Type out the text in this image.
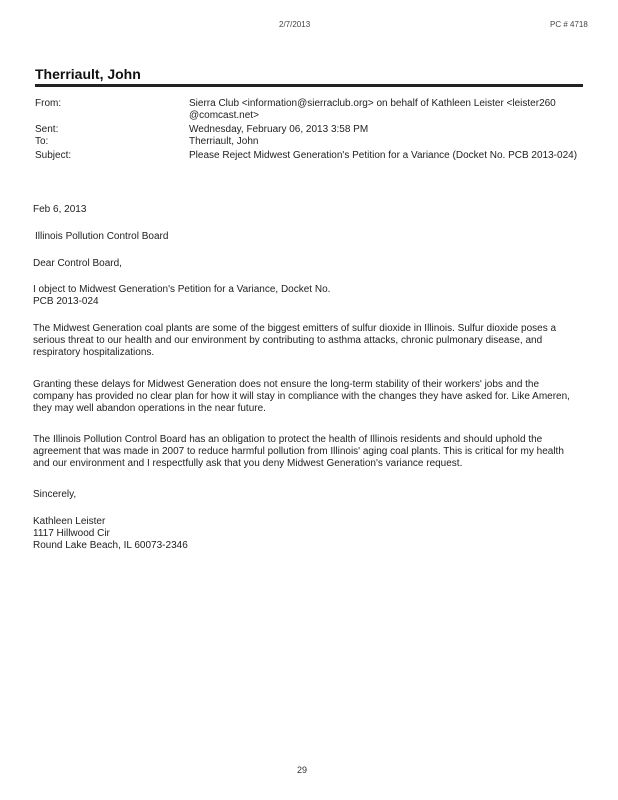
2/7/2013	PC # 4718
Therriault, John
From:	Sierra Club <information@sierraclub.org> on behalf of Kathleen Leister <leister260
@comcast.net>
Sent:	Wednesday, February 06, 2013 3:58 PM
To:	Therriault, John
Subject:	Please Reject Midwest Generation's Petition for a Variance (Docket No. PCB 2013-024)
Feb 6, 2013
Illinois Pollution Control Board
Dear Control Board,
I object to Midwest Generation's Petition for a Variance, Docket No.
PCB 2013-024
The Midwest Generation coal plants are some of the biggest emitters of sulfur dioxide in Illinois. Sulfur dioxide poses a serious threat to our health and our environment by contributing to asthma attacks, chronic pulmonary disease, and respiratory hospitalizations.
Granting these delays for Midwest Generation does not ensure the long-term stability of their workers' jobs and the company has provided no clear plan for how it will stay in compliance with the changes they have asked for. Like Ameren, they may well abandon operations in the near future.
The Illinois Pollution Control Board has an obligation to protect the health of Illinois residents and should uphold the agreement that was made in 2007 to reduce harmful pollution from Illinois' aging coal plants. This is critical for my health and our environment and I respectfully ask that you deny Midwest Generation's variance request.
Sincerely,
Kathleen Leister
1117 Hillwood Cir
Round Lake Beach, IL 60073-2346
29
